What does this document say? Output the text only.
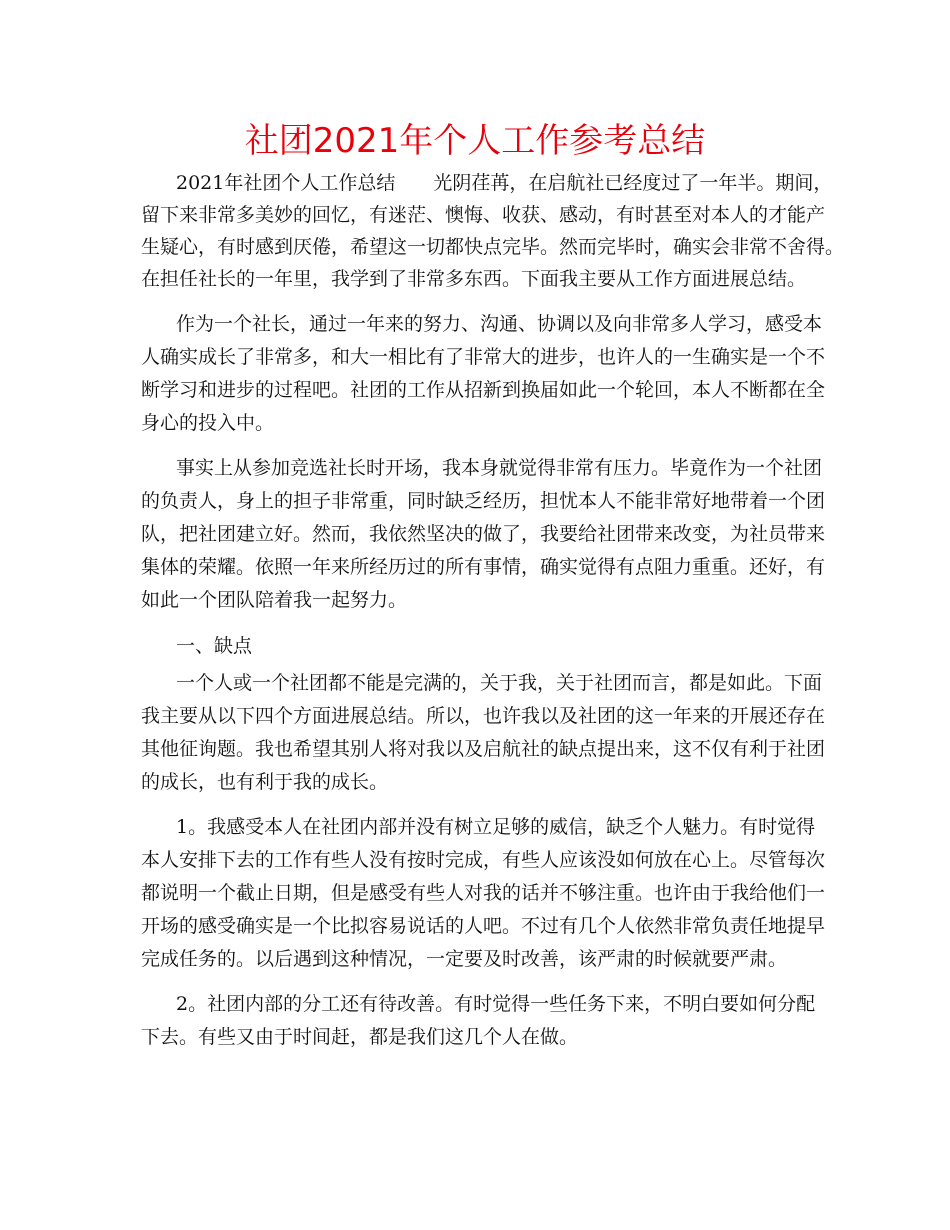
社团2021年个人工作参考总结

2021年社团个人工作总结　　光阴荏苒，在启航社已经度过了一年半。期间，

留下来非常多美妙的回忆，有迷茫、懊悔、收获、感动，有时甚至对本人的才能产

生疑心，有时感到厌倦，希望这一切都快点完毕。然而完毕时，确实会非常不舍得。

在担任社长的一年里，我学到了非常多东西。下面我主要从工作方面进展总结。

作为一个社长，通过一年来的努力、沟通、协调以及向非常多人学习，感受本

人确实成长了非常多，和大一相比有了非常大的进步，也许人的一生确实是一个不

断学习和进步的过程吧。社团的工作从招新到换届如此一个轮回，本人不断都在全

身心的投入中。

事实上从参加竞选社长时开场，我本身就觉得非常有压力。毕竟作为一个社团

的负责人，身上的担子非常重，同时缺乏经历，担忧本人不能非常好地带着一个团

队，把社团建立好。然而，我依然坚决的做了，我要给社团带来改变，为社员带来

集体的荣耀。依照一年来所经历过的所有事情，确实觉得有点阻力重重。还好，有

如此一个团队陪着我一起努力。

一、缺点

一个人或一个社团都不能是完满的，关于我，关于社团而言，都是如此。下面

我主要从以下四个方面进展总结。所以，也许我以及社团的这一年来的开展还存在

其他征询题。我也希望其别人将对我以及启航社的缺点提出来，这不仅有利于社团

的成长，也有利于我的成长。

1。我感受本人在社团内部并没有树立足够的威信，缺乏个人魅力。有时觉得

本人安排下去的工作有些人没有按时完成，有些人应该没如何放在心上。尽管每次

都说明一个截止日期，但是感受有些人对我的话并不够注重。也许由于我给他们一

开场的感受确实是一个比拟容易说话的人吧。不过有几个人依然非常负责任地提早

完成任务的。以后遇到这种情况，一定要及时改善，该严肃的时候就要严肃。

2。社团内部的分工还有待改善。有时觉得一些任务下来，不明白要如何分配

下去。有些又由于时间赶，都是我们这几个人在做。
